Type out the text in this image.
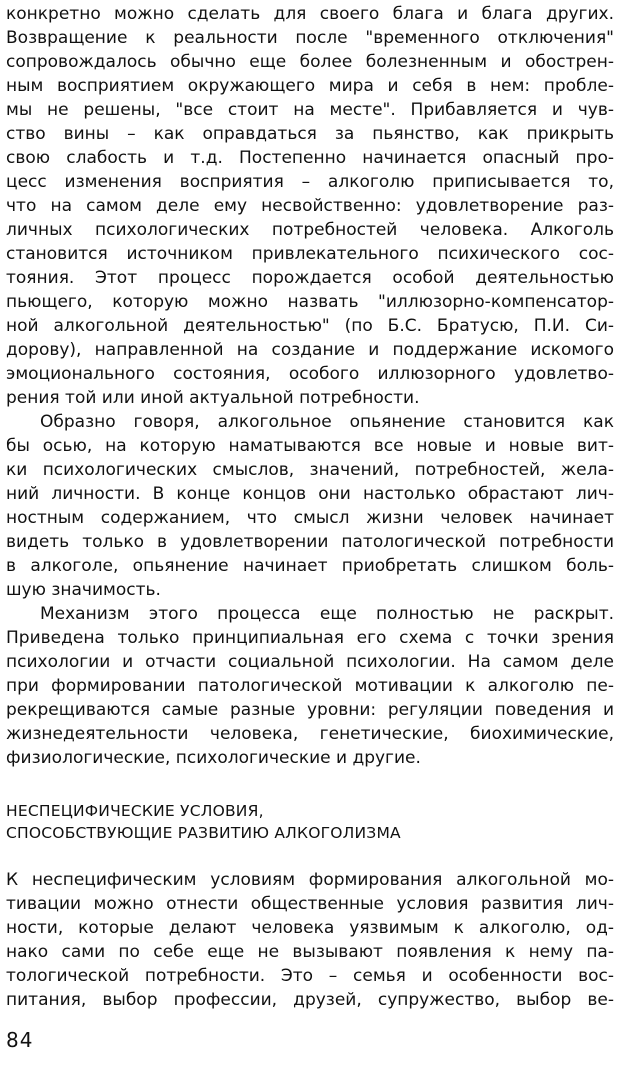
конкретно можно сделать для своего блага и блага других.
Возвращение к реальности после "временного отключения"
сопровождалось обычно еще более болезненным и обострен-
ным восприятием окружающего мира и себя в нем: пробле-
мы не решены, "все стоит на месте". Прибавляется и чув-
ство вины – как оправдаться за пьянство, как прикрыть
свою слабость и т.д. Постепенно начинается опасный про-
цесс изменения восприятия – алкоголю приписывается то,
что на самом деле ему несвойственно: удовлетворение раз-
личных психологических потребностей человека. Алкоголь
становится источником привлекательного психического сос-
тояния. Этот процесс порождается особой деятельностью
пьющего, которую можно назвать "иллюзорно-компенсатор-
ной алкогольной деятельностью" (по Б.С. Братусю, П.И. Си-
дорову), направленной на создание и поддержание искомого
эмоционального состояния, особого иллюзорного удовлетво-
рения той или иной актуальной потребности.
Образно говоря, алкогольное опьянение становится как
бы осью, на которую наматываются все новые и новые вит-
ки психологических смыслов, значений, потребностей, жела-
ний личности. В конце концов они настолько обрастают лич-
ностным содержанием, что смысл жизни человек начинает
видеть только в удовлетворении патологической потребности
в алкоголе, опьянение начинает приобретать слишком боль-
шую значимость.
Механизм этого процесса еще полностью не раскрыт.
Приведена только принципиальная его схема с точки зрения
психологии и отчасти социальной психологии. На самом деле
при формировании патологической мотивации к алкоголю пе-
рекрещиваются самые разные уровни: регуляции поведения и
жизнедеятельности человека, генетические, биохимические,
физиологические, психологические и другие.
НЕСПЕЦИФИЧЕСКИЕ УСЛОВИЯ,
СПОСОБСТВУЮЩИЕ РАЗВИТИЮ АЛКОГОЛИЗМА
К неспецифическим условиям формирования алкогольной мо-
тивации можно отнести общественные условия развития лич-
ности, которые делают человека уязвимым к алкоголю, од-
нако сами по себе еще не вызывают появления к нему па-
тологической потребности. Это – семья и особенности вос-
питания, выбор профессии, друзей, супружество, выбор ве-
84
